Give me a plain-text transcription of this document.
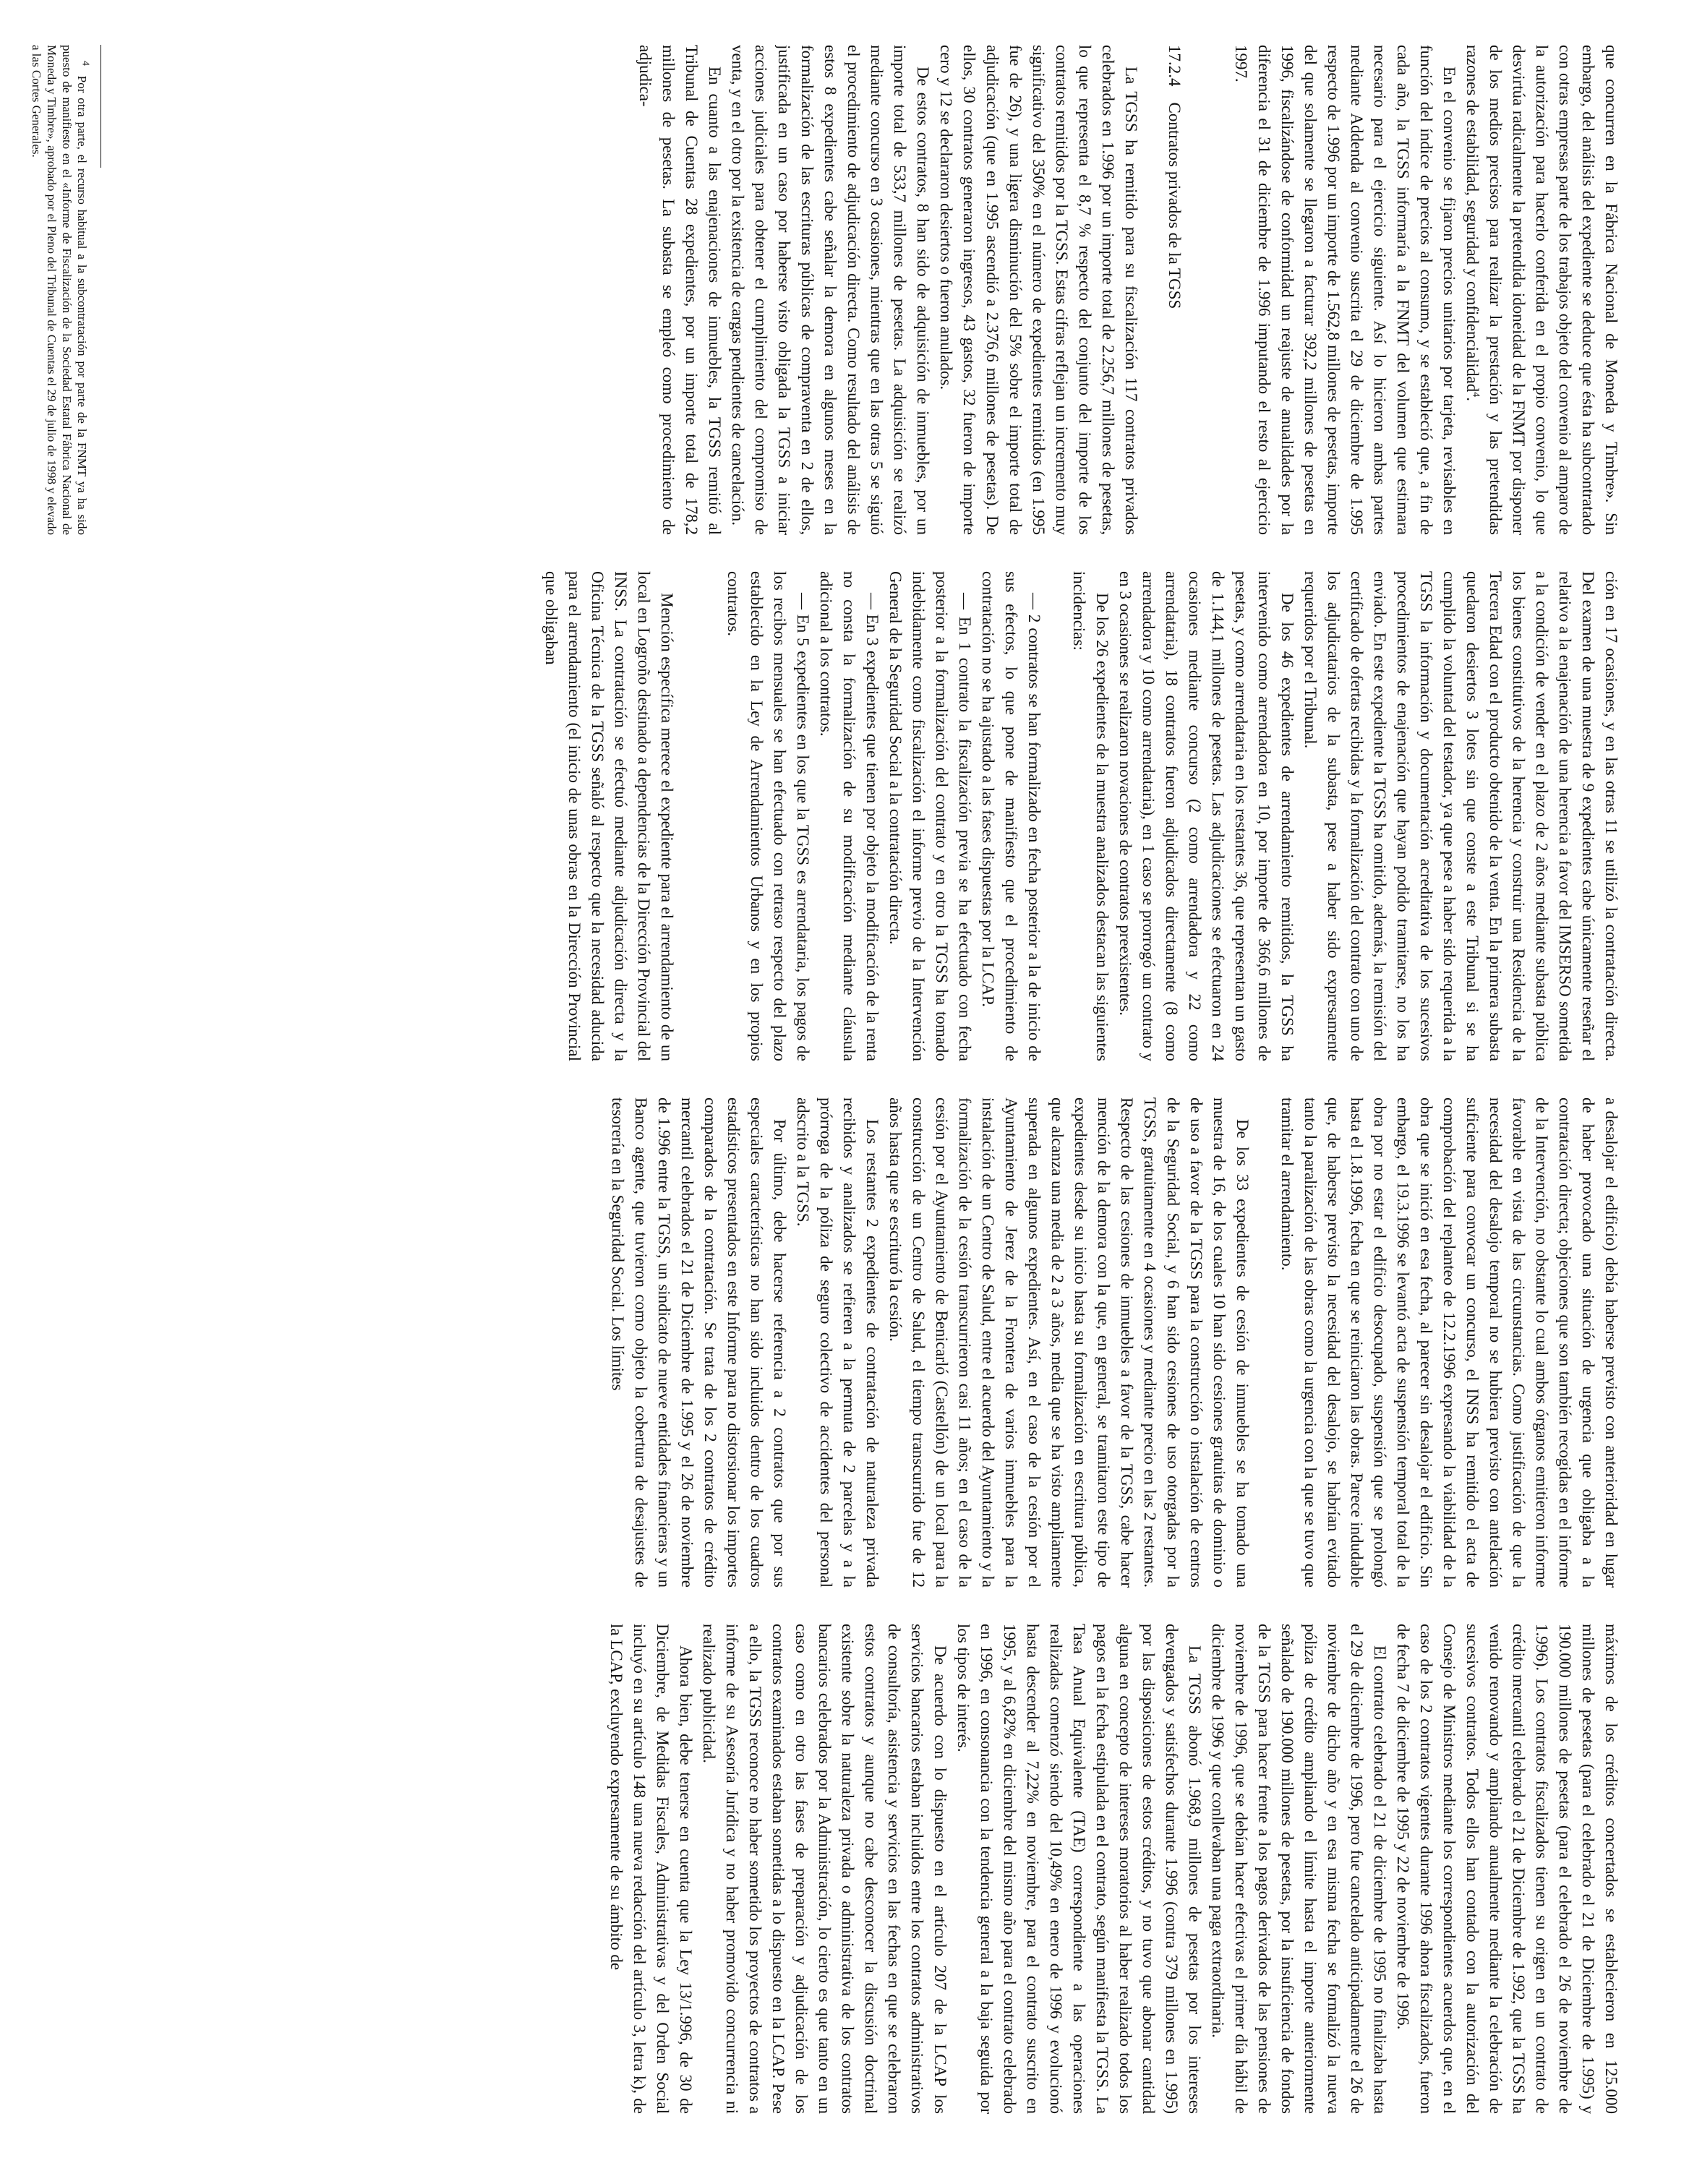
que concurren en la Fábrica Nacional de Moneda y Timbre». Sin embargo, del análisis del expediente se deduce que ésta ha subcontratado con otras empresas parte de los trabajos objeto del convenio al amparo de la autorización para hacerlo conferida en el propio convenio, lo que desvirtúa radicalmente la pretendida idoneidad de la FNMT por disponer de los medios precisos para realizar la prestación y las pretendidas razones de estabilidad, seguridad y confidencialidad$^4$.

En el convenio se fijaron precios unitarios por tarjeta, revisables en función del índice de precios al consumo, y se estableció que, a fin de cada año, la TGSS informaría a la FNMT del volumen que estimara necesario para el ejercicio siguiente. Así lo hicieron ambas partes mediante Addenda al convenio suscrita el 29 de diciembre de 1.995 respecto de 1.996 por un importe de 1.562,8 millones de pesetas, importe del que solamente se llegaron a facturar 392,2 millones de pesetas en 1996, fiscalizándose de conformidad un reajuste de anualidades por la diferencia el 31 de diciembre de 1.996 imputando el resto al ejercicio 1997.

17.2.4Contratos privados de la TGSS

La TGSS ha remitido para su fiscalización 117 contratos privados celebrados en 1.996 por un importe total de 2.256,7 millones de pesetas, lo que representa el 8,7 % respecto del conjunto del importe de los contratos remitidos por la TGSS. Estas cifras reflejan un incremento muy significativo del 350% en el número de expedientes remitidos (en 1.995 fue de 26), y una ligera disminución del 5% sobre el importe total de adjudicación (que en 1.995 ascendió a 2.376,6 millones de pesetas). De ellos, 30 contratos generaron ingresos, 43 gastos, 32 fueron de importe cero y 12 se declararon desiertos o fueron anulados.

De estos contratos, 8 han sido de adquisición de inmuebles, por un importe total de 533,7 millones de pesetas. La adquisición se realizó mediante concurso en 3 ocasiones, mientras que en las otras 5 se siguió el procedimiento de adjudicación directa. Como resultado del análisis de estos 8 expedientes cabe señalar la demora en algunos meses en la formalización de las escrituras públicas de compraventa en 2 de ellos, justificada en un caso por haberse visto obligada la TGSS a iniciar acciones judiciales para obtener el cumplimiento del compromiso de venta, y en el otro por la existencia de cargas pendientes de cancelación.

En cuanto a las enajenaciones de inmuebles, la TGSS remitió al Tribunal de Cuentas 28 expedientes, por un importe total de 178,2 millones de pesetas. La subasta se empleó como procedimiento de adjudica-

ción en 17 ocasiones, y en las otras 11 se utilizó la contratación directa. Del examen de una muestra de 9 expedientes cabe únicamente reseñar el relativo a la enajenación de una herencia a favor del IMSERSO sometida a la condición de vender en el plazo de 2 años mediante subasta pública los bienes constitutivos de la herencia y construir una Residencia de la Tercera Edad con el producto obtenido de la venta. En la primera subasta quedaron desiertos 3 lotes sin que conste a este Tribunal si se ha cumplido la voluntad del testador, ya que pese a haber sido requerida a la TGSS la información y documentación acreditativa de los sucesivos procedimientos de enajenación que hayan podido tramitarse, no los ha enviado. En este expediente la TGSS ha omitido, además, la remisión del certificado de ofertas recibidas y la formalización del contrato con uno de los adjudicatarios de la subasta, pese a haber sido expresamente requeridos por el Tribunal.

De los 46 expedientes de arrendamiento remitidos, la TGSS ha intervenido como arrendadora en 10, por importe de 366,6 millones de pesetas, y como arrendataria en los restantes 36, que representan un gasto de 1.144,1 millones de pesetas. Las adjudicaciones se efectuaron en 24 ocasiones mediante concurso (2 como arrendadora y 22 como arrendataria), 18 contratos fueron adjudicados directamente (8 como arrendadora y 10 como arrendataria), en 1 caso se prorrogó un contrato y en 3 ocasiones se realizaron novaciones de contratos preexistentes.

De los 26 expedientes de la muestra analizados destacan las siguientes incidencias:

— 2 contratos se han formalizado en fecha posterior a la de inicio de sus efectos, lo que pone de manifiesto que el procedimiento de contratación no se ha ajustado a las fases dispuestas por la LCAP.

— En 1 contrato la fiscalización previa se ha efectuado con fecha posterior a la formalización del contrato y en otro la TGSS ha tomado indebidamente como fiscalización el informe previo de la Intervención General de la Seguridad Social a la contratación directa.

— En 3 expedientes que tienen por objeto la modificación de la renta no consta la formalización de su modificación mediante cláusula adicional a los contratos.

— En 5 expedientes en los que la TGSS es arrendataria, los pagos de los recibos mensuales se han efectuado con retraso respecto del plazo establecido en la Ley de Arrendamientos Urbanos y en los propios contratos.

Mención específica merece el expediente para el arrendamiento de un local en Logroño destinado a dependencias de la Dirección Provincial del INSS. La contratación se efectuó mediante adjudicación directa y la Oficina Técnica de la TGSS señaló al respecto que la necesidad aducida para el arrendamiento (el inicio de unas obras en la Dirección Provincial que obligaban

a desalojar el edificio) debía haberse previsto con anterioridad en lugar de haber provocado una situación de urgencia que obligaba a la contratación directa; objeciones que son también recogidas en el informe de la Intervención, no obstante lo cual ambos órganos emitieron informe favorable en vista de las circunstancias. Como justificación de que la necesidad del desalojo temporal no se hubiera previsto con antelación suficiente para convocar un concurso, el INSS ha remitido el acta de comprobación del replanteo de 12.2.1996 expresando la viabilidad de la obra que se inició en esa fecha, al parecer sin desalojar el edificio. Sin embargo, el 19.3.1996 se levantó acta de suspensión temporal total de la obra por no estar el edificio desocupado, suspensión que se prolongó hasta el 1.8.1996, fecha en que se reiniciaron las obras. Parece indudable que, de haberse previsto la necesidad del desalojo, se habrían evitado tanto la paralización de las obras como la urgencia con la que se tuvo que tramitar el arrendamiento.

De los 33 expedientes de cesión de inmuebles se ha tomado una muestra de 16, de los cuales 10 han sido cesiones gratuitas de dominio o de uso a favor de la TGSS para la construcción o instalación de centros de la Seguridad Social, y 6 han sido cesiones de uso otorgadas por la TGSS, gratuitamente en 4 ocasiones y mediante precio en las 2 restantes. Respecto de las cesiones de inmuebles a favor de la TGSS, cabe hacer mención de la demora con la que, en general, se tramitaron este tipo de expedientes desde su inicio hasta su formalización en escritura pública, que alcanza una media de 2 a 3 años, media que se ha visto ampliamente superada en algunos expedientes. Así, en el caso de la cesión por el Ayuntamiento de Jerez de la Frontera de varios inmuebles para la instalación de un Centro de Salud, entre el acuerdo del Ayuntamiento y la formalización de la cesión transcurrieron casi 11 años; en el caso de la cesión por el Ayuntamiento de Benicarló (Castellón) de un local para la construcción de un Centro de Salud, el tiempo transcurrido fue de 12 años hasta que se escrituró la cesión.

Los restantes 2 expedientes de contratación de naturaleza privada recibidos y analizados se refieren a la permuta de 2 parcelas y a la prórroga de la póliza de seguro colectivo de accidentes del personal adscrito a la TGSS.

Por último, debe hacerse referencia a 2 contratos que por sus especiales características no han sido incluidos dentro de los cuadros estadísticos presentados en este Informe para no distorsionar los importes comparados de la contratación. Se trata de los 2 contratos de crédito mercantil celebrados el 21 de Diciembre de 1.995 y el 26 de noviembre de 1.996 entre la TGSS, un sindicato de nueve entidades financieras y un Banco agente, que tuvieron como objeto la cobertura de desajustes de tesorería en la Seguridad Social. Los límites

máximos de los créditos concertados se establecieron en 125.000 millones de pesetas (para el celebrado el 21 de Diciembre de 1.995) y 190.000 millones de pesetas (para el celebrado el 26 de noviembre de 1.996). Los contratos fiscalizados tienen su origen en un contrato de crédito mercantil celebrado el 21 de Diciembre de 1.992, que la TGSS ha venido renovando y ampliando anualmente mediante la celebración de sucesivos contratos. Todos ellos han contado con la autorización del Consejo de Ministros mediante los correspondientes acuerdos que, en el caso de los 2 contratos vigentes durante 1996 ahora fiscalizados, fueron de fecha 7 de diciembre de 1995 y 22 de noviembre de 1996.

El contrato celebrado el 21 de diciembre de 1995 no finalizaba hasta el 29 de diciembre de 1996, pero fue cancelado anticipadamente el 26 de noviembre de dicho año y en esa misma fecha se formalizó la nueva póliza de crédito ampliando el límite hasta el importe anteriormente señalado de 190.000 millones de pesetas, por la insuficiencia de fondos de la TGSS para hacer frente a los pagos derivados de las pensiones de noviembre de 1996, que se debían hacer efectivas el primer día hábil de diciembre de 1996 y que conllevaban una paga extraordinaria.

La TGSS abonó 1.968,9 millones de pesetas por los intereses devengados y satisfechos durante 1.996 (contra 379 millones en 1.995) por las disposiciones de estos créditos, y no tuvo que abonar cantidad alguna en concepto de intereses moratorios al haber realizado todos los pagos en la fecha estipulada en el contrato, según manifiesta la TGSS. La Tasa Anual Equivalente (TAE) correspondiente a las operaciones realizadas comenzó siendo del 10,49% en enero de 1996 y evolucionó hasta descender al 7,22% en noviembre, para el contrato suscrito en 1995, y al 6,82% en diciembre del mismo año para el contrato celebrado en 1996, en consonancia con la tendencia general a la baja seguida por los tipos de interés.

De acuerdo con lo dispuesto en el artículo 207 de la LCAP los servicios bancarios estaban incluidos entre los contratos administrativos de consultoría, asistencia y servicios en las fechas en que se celebraron estos contratos y aunque no cabe desconocer la discusión doctrinal existente sobre la naturaleza privada o administrativa de los contratos bancarios celebrados por la Administración, lo cierto es que tanto en un caso como en otro las fases de preparación y adjudicación de los contratos examinados estaban sometidas a lo dispuesto en la LCAP. Pese a ello, la TGSS reconoce no haber sometido los proyectos de contratos a informe de su Asesoría Jurídica y no haber promovido concurrencia ni realizado publicidad.

Ahora bien, debe tenerse en cuenta que la Ley 13/1.996, de 30 de Diciembre, de Medidas Fiscales, Administrativas y del Orden Social incluyó en su artículo 148 una nueva redacción del artículo 3, letra k), de la LCAP, excluyendo expresamente de su ámbito de

$^4$  Por otra parte, el recurso habitual a la subcontratación por parte de la FNMT ya ha sido puesto de manifiesto en el «Informe de Fiscalización de la Sociedad Estatal Fábrica Nacional de Moneda y Timbre», aprobado por el Pleno del Tribunal de Cuentas el 29 de julio de 1998 y elevado a las Cortes Generales.
